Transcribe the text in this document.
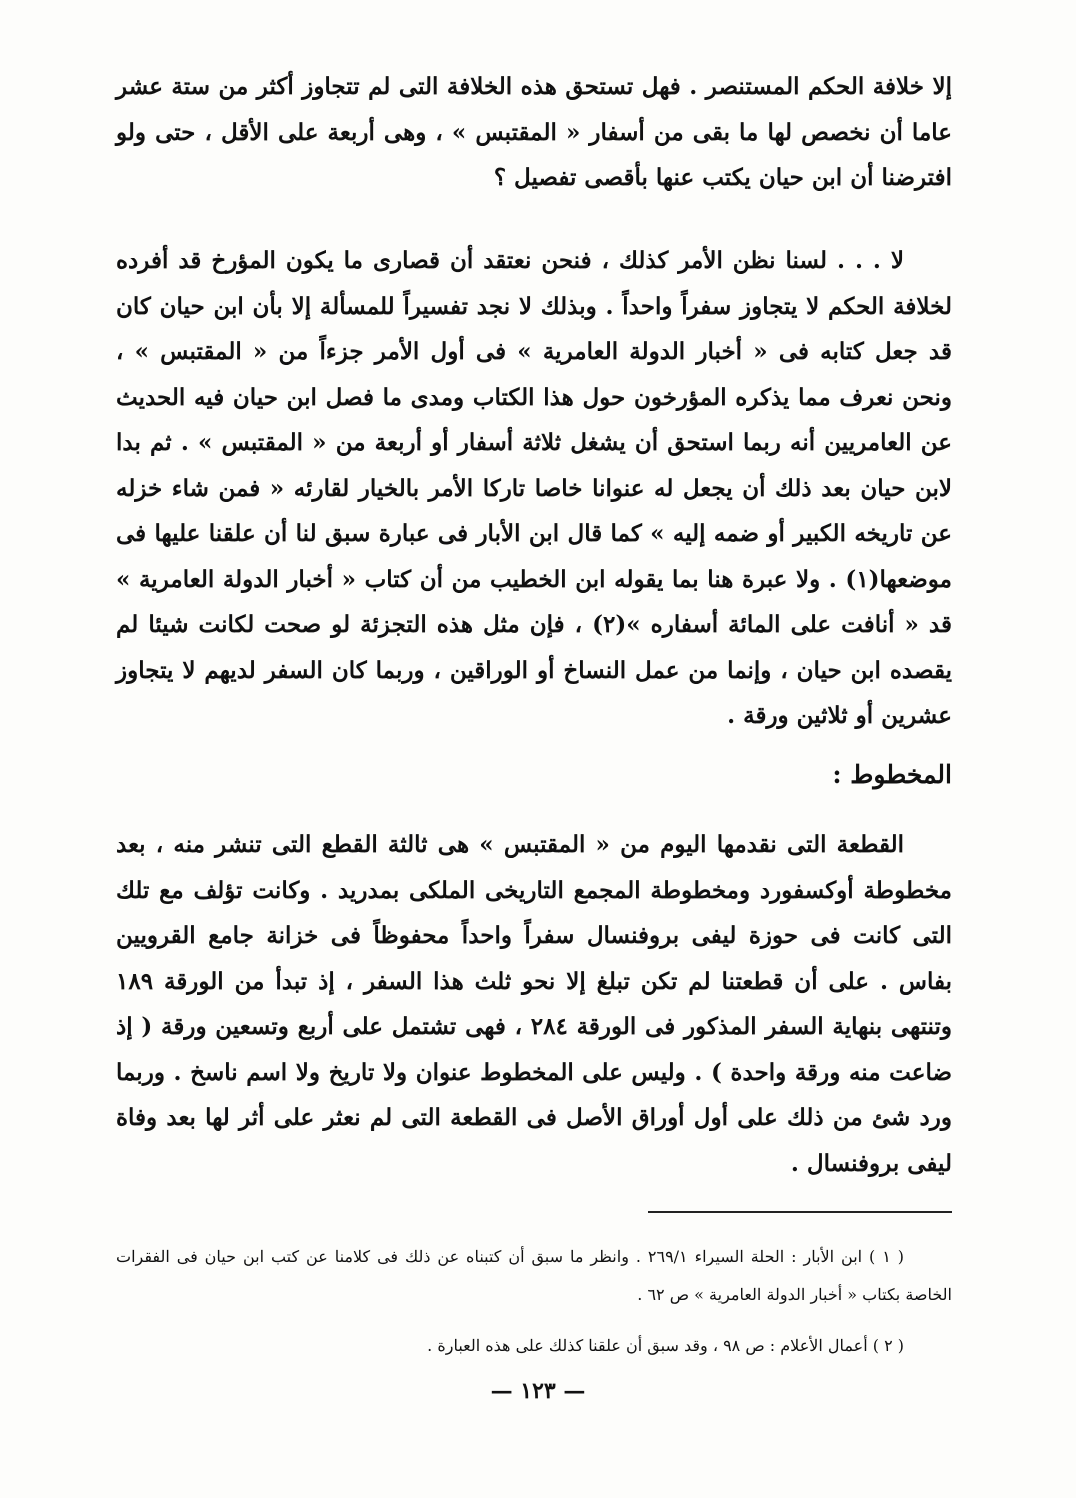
إلا خلافة الحكم المستنصر . فهل تستحق هذه الخلافة التى لم تتجاوز أكثر من ستة عشر عاما أن نخصص لها ما بقى من أسفار « المقتبس » ، وهى أربعة على الأقل ، حتى ولو افترضنا أن ابن حيان يكتب عنها بأقصى تفصيل ؟

لا . . . لسنا نظن الأمر كذلك ، فنحن نعتقد أن قصارى ما يكون المؤرخ قد أفرده لخلافة الحكم لا يتجاوز سفراً واحداً . وبذلك لا نجد تفسيراً للمسألة إلا بأن ابن حيان كان قد جعل كتابه فى « أخبار الدولة العامرية » فى أول الأمر جزءاً من « المقتبس » ، ونحن نعرف مما يذكره المؤرخون حول هذا الكتاب ومدى ما فصل ابن حيان فيه الحديث عن العامريين أنه ربما استحق أن يشغل ثلاثة أسفار أو أربعة من « المقتبس » . ثم بدا لابن حيان بعد ذلك أن يجعل له عنوانا خاصا تاركا الأمر بالخيار لقارئه « فمن شاء خزله عن تاريخه الكبير أو ضمه إليه » كما قال ابن الأبار فى عبارة سبق لنا أن علقنا عليها فى موضعها(١) . ولا عبرة هنا بما يقوله ابن الخطيب من أن كتاب « أخبار الدولة العامرية » قد « أنافت على المائة أسفاره »(٢) ، فإن مثل هذه التجزئة لو صحت لكانت شيئا لم يقصده ابن حيان ، وإنما من عمل النساخ أو الوراقين ، وربما كان السفر لديهم لا يتجاوز عشرين أو ثلاثين ورقة .

المخطوط :

القطعة التى نقدمها اليوم من « المقتبس » هى ثالثة القطع التى تنشر منه ، بعد مخطوطة أوكسفورد ومخطوطة المجمع التاريخى الملكى بمدريد . وكانت تؤلف مع تلك التى كانت فى حوزة ليفى بروفنسال سفراً واحداً محفوظاً فى خزانة جامع القرويين بفاس . على أن قطعتنا لم تكن تبلغ إلا نحو ثلث هذا السفر ، إذ تبدأ من الورقة ١٨٩ وتنتهى بنهاية السفر المذكور فى الورقة ٢٨٤ ، فهى تشتمل على أربع وتسعين ورقة ( إذ ضاعت منه ورقة واحدة ) . وليس على المخطوط عنوان ولا تاريخ ولا اسم ناسخ . وربما ورد شئ من ذلك على أول أوراق الأصل فى القطعة التى لم نعثر على أثر لها بعد وفاة ليفى بروفنسال .

( ١ ) ابن الأبار : الحلة السيراء ٢٦٩/١ . وانظر ما سبق أن كتبناه عن ذلك فى كلامنا عن كتب ابن حيان فى الفقرات الخاصة بكتاب « أخبار الدولة العامرية » ص ٦٢ .

( ٢ ) أعمال الأعلام : ص ٩٨ ، وقد سبق أن علقنا كذلك على هذه العبارة .

— ١٢٣ —
